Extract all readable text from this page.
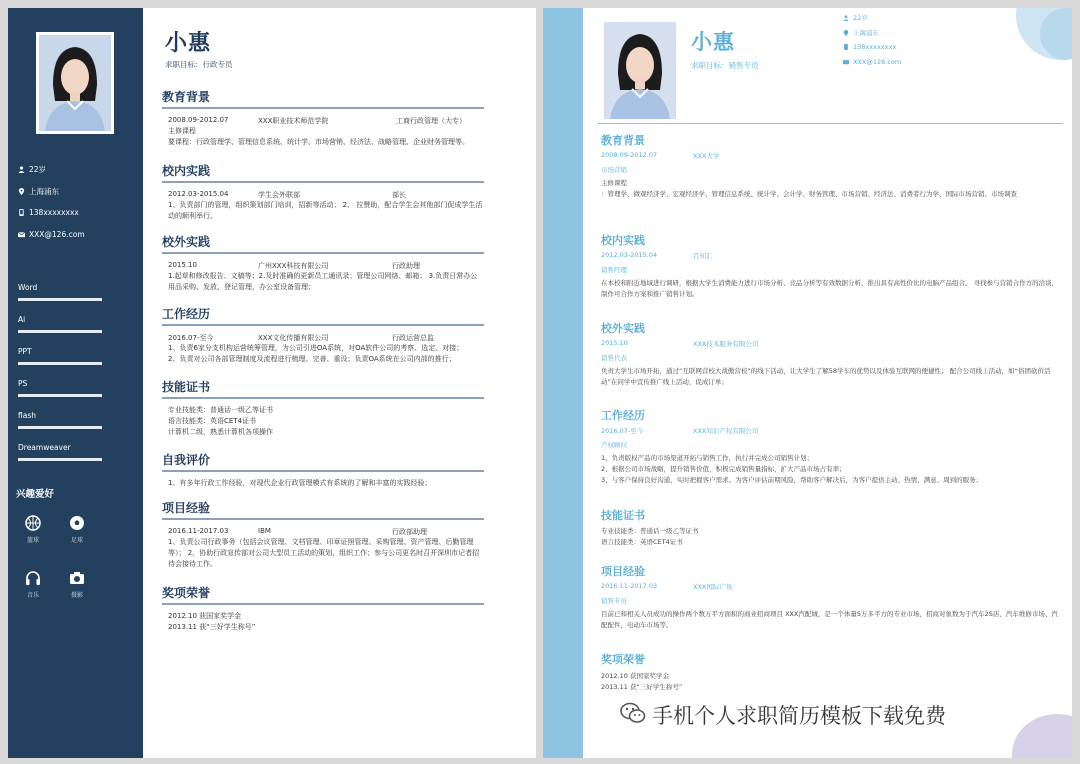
22岁
上海浦东
138xxxxxxxx
XXX@126.com
Word
Ai
PPT
PS
flash
Dreamweaver
兴趣爱好
篮球	足球
音乐	摄影
小惠
求职目标：行政专员
教育背景
2008.09-2012.07	XXX职业技术师范学院	工商行政管理（大专）

主修课程

要课程：行政管理学、管理信息系统、统计学、市场营销、经济法、战略管理、企业财务管理等。

校内实践
2012.03-2015.04	学生会外联部	部长

1、负责部门的管理，组织策划部门培训，招新等活动； 2、 拉赞助，配合学生会其他部门促成学生活动的顺利举行。

校外实践
2015.10	广州XXX科技有限公司	行政助理

1.起草和修改报告、文稿等；2.及时准确的更新员工通讯录；管理公司网络、邮箱； 3.负责日常办公用品采购、发放、登记管理，办公室设备管理；

工作经历
2016.07-至今	XXX文化传播有限公司	行政运营总监

1、负责6家分支机构运营统筹管理，为公司引进OA系统，对OA软件公司的考察、选定、对接；

2、负责对公司各部管理制度及流程进行梳理、完善、重设；负责OA系统在公司内部的推行；

技能证书

专业技能类：普通话一级乙等证书

语言技能类：英语CET4证书

计算机二级，熟悉计算机各项操作

自我评价

1、有多年行政工作经验，对现代企业行政管理模式有系统的了解和丰富的实践经验；

项目经验
2016.11-2017.03	IBM	行政部助理

1、负责公司行政事务（包括会议管理、文档管理、印章证照管理、采购管理、资产管理、后勤管理等）； 2、协助行政宣传部对公司大型员工活动的策划、组织工作；参与公司更名时召开深圳市记者招待会接待工作。

奖项荣誉

2012.10 获国家奖学金

2013.11 获“三好学生称号”

小惠
求职目标：销售专员
22岁
上海浦东
138xxxxxxxx
XXX@126.com
教育背景
2008.09-2012.07	XXX大学
市场营销

主修课程

：管理学、微观经济学、宏观经济学、管理信息系统、统计学、会计学、财务管理、市场营销、经济法、消费者行为学、国际市场营销、市场调查

校内实践
2012.03-2015.04	百知汇
销售经理

在本校和附近地域进行调研，根据大学生消费能力进行市场分析、竞品分析等有效数据分析，推出具有高性价比的电脑产品组合。 寻找参与营销合作方的洽谈，制作可合作方案和推广销售计划。

校外实践
2015.10	XXX技术服务有限公司
销售代表

负责大学生市场开拓，通过“互联网营校大战傲营校”的线下活动，让大学生了解58学车的优势以及体验互联网的便捷性； 配合公司线上活动，如“俗团砍价活动”在同学中宣传推广线上活动，促成订单；

工作经历
2016.07-至今	XXX知识产权有限公司
产权顾问

1、负责版权产品的市场渠道开拓与销售工作，执行并完成公司销售计划；

2、根据公司市场战略，提升销售价值，积极完成销售量指标，扩大产品市场占有率；

3、与客户保持良好沟通，实时把握客户需求。为客户评估前期风险，帮助客户解决后，为客户提供主动、热情、满意、周到的服务；

技能证书

专业技能类：普通话一级乙等证书

语言技能类：英语CET4证书

项目经验
2016.11-2017.03	XXX国际广场
销售专员

目前已和相关人员成功的操作两个数万平方面积的商业招商项目 XXX汽配城，是一个体量5万多平方的专业市场，招商对象数为于汽车2S店、汽车维修市场、汽配配件，电动车市场等。

奖项荣誉

2012.10 获国家奖学金

2013.11 获“三好学生称号”

手机个人求职简历模板下载免费
